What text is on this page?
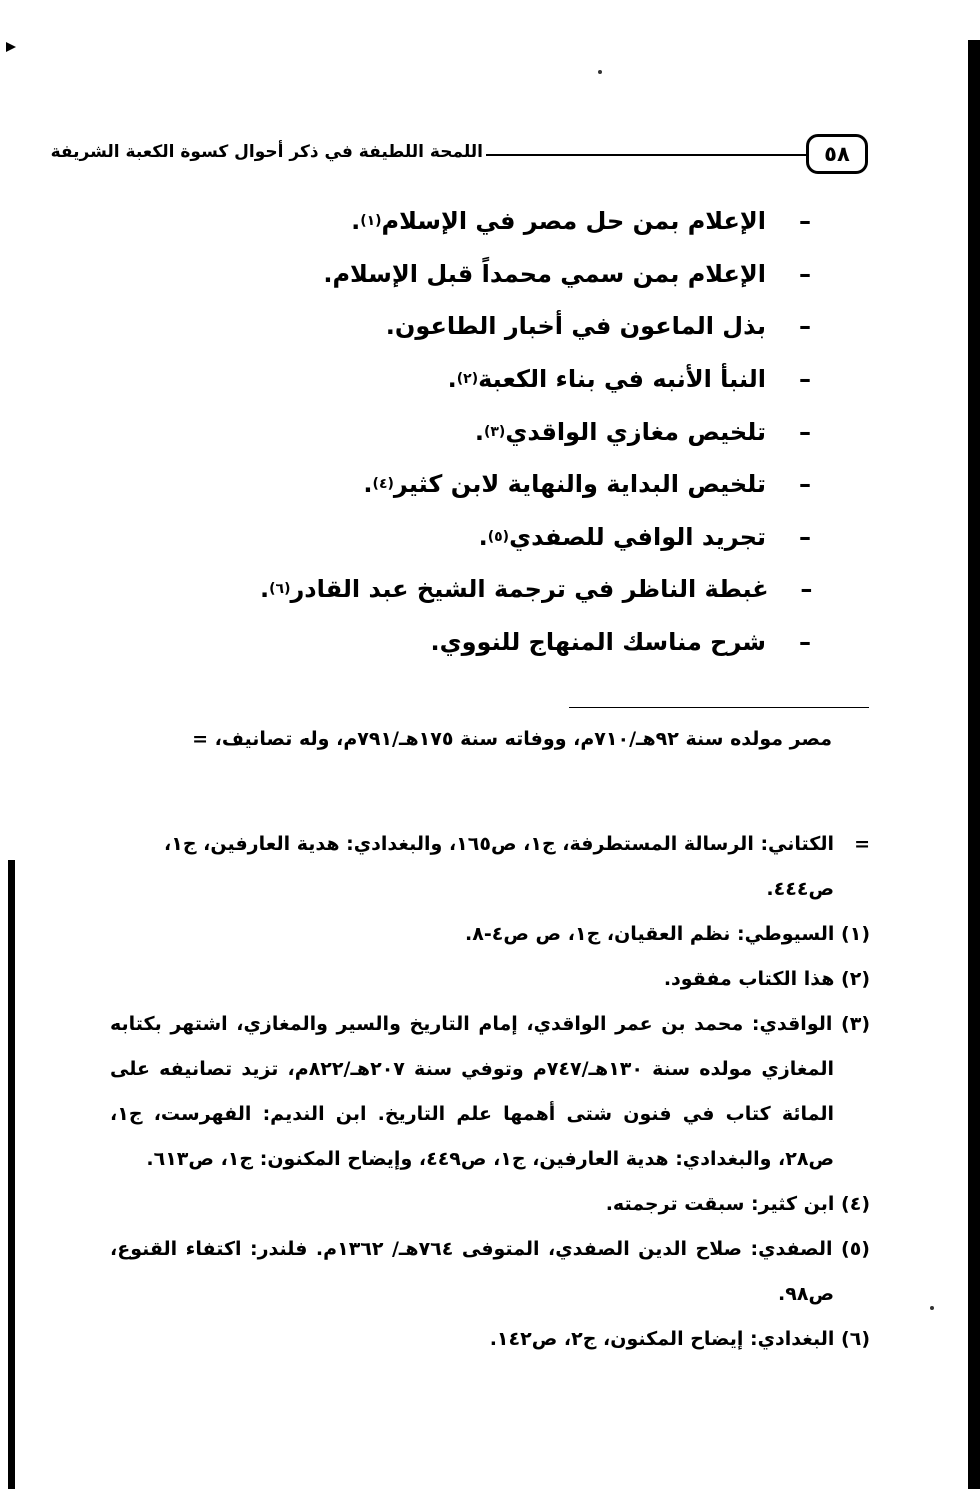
٥٨
اللمحة اللطيفة في ذكر أحوال كسوة الكعبة الشريفة
–
الإعلام بمن حل مصر في الإسلام
(١)
.
–
الإعلام بمن سمي محمداً قبل الإسلام.
–
بذل الماعون في أخبار الطاعون.
–
النبأ الأنبه في بناء الكعبة
(٢)
.
–
تلخيص مغازي الواقدي
(٣)
.
–
تلخيص البداية والنهاية لابن كثير
(٤)
.
–
تجريد الوافي للصفدي
(٥)
.
–
غبطة الناظر في ترجمة الشيخ عبد القادر
(٦)
.
–
شرح مناسك المنهاج للنووي.
مصر مولده سنة ٩٢هـ/٧١٠م، ووفاته سنة ١٧٥هـ/٧٩١م، وله تصانيف، =
=الكتاني: الرسالة المستطرفة، ج١، ص١٦٥، والبغدادي: هدية العارفين، ج١،
ص٤٤٤.
(١) السيوطي: نظم العقيان، ج١، ص ص٤-٨.
(٢) هذا الكتاب مفقود.
(٣) الواقدي: محمد بن عمر الواقدي، إمام التاريخ والسير والمغازي، اشتهر بكتابه المغازي مولده سنة ١٣٠هـ/٧٤٧م وتوفي سنة ٢٠٧هـ/٨٢٢م، تزيد تصانيفه على المائة كتاب في فنون شتى أهمها علم التاريخ. ابن النديم: الفهرست، ج١، ص٢٨، والبغدادي: هدية العارفين، ج١، ص٤٤٩، وإيضاح المكنون: ج١، ص٦١٣.
(٤) ابن كثير: سبقت ترجمته.
(٥) الصفدي: صلاح الدين الصفدي، المتوفى ٧٦٤هـ/ ١٣٦٢م. فلندر: اكتفاء القنوع، ص٩٨.
(٦) البغدادي: إيضاح المكنون، ج٢، ص١٤٢.
